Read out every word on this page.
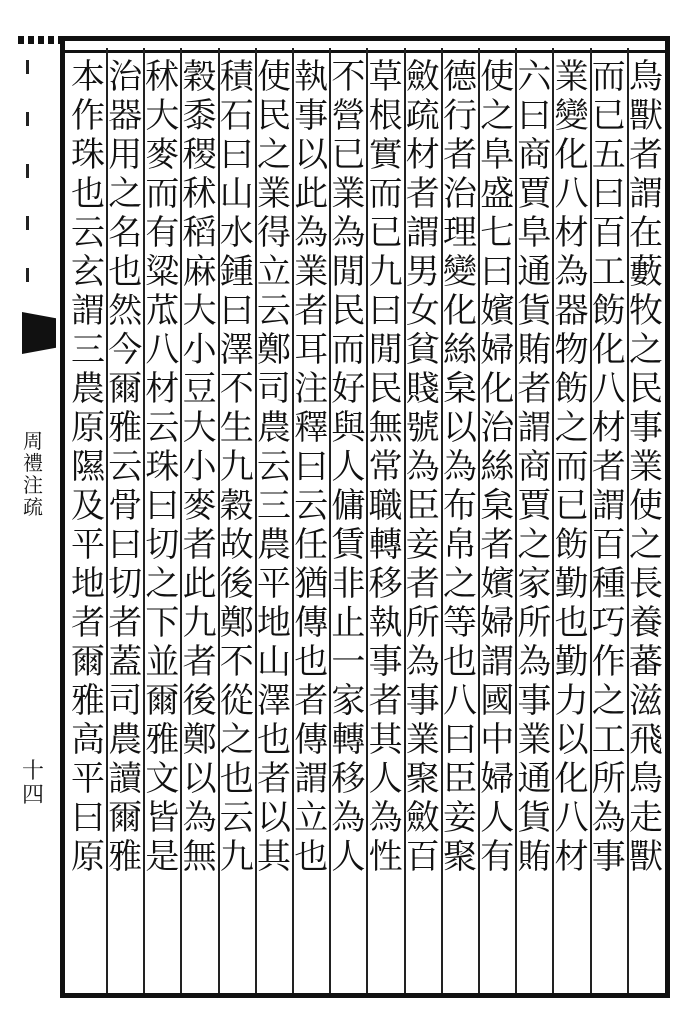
周
禮
注
疏
十
四
鳥
獸
者
謂
在
藪
牧
之
民
事
業
使
之
長
養
蕃
滋
飛
鳥
走
獸
而
已
五
曰
百
工
飭
化
八
材
者
謂
百
種
巧
作
之
工
所
為
事
業
變
化
八
材
為
器
物
飭
之
而
已
飭
勤
也
勤
力
以
化
八
材
六
曰
商
賈
阜
通
貨
賄
者
謂
商
賈
之
家
所
為
事
業
通
貨
賄
使
之
阜
盛
七
曰
嬪
婦
化
治
絲
枲
者
嬪
婦
謂
國
中
婦
人
有
德
行
者
治
理
變
化
絲
枲
以
為
布
帛
之
等
也
八
曰
臣
妾
聚
斂
疏
材
者
謂
男
女
貧
賤
號
為
臣
妾
者
所
為
事
業
聚
斂
百
草
根
實
而
已
九
曰
閒
民
無
常
職
轉
移
執
事
者
其
人
為
性
不
營
已
業
為
閒
民
而
好
與
人
傭
賃
非
止
一
家
轉
移
為
人
執
事
以
此
為
業
者
耳
注
釋
曰
云
任
猶
傳
也
者
傳
謂
立
也
使
民
之
業
得
立
云
鄭
司
農
云
三
農
平
地
山
澤
也
者
以
其
積
石
曰
山
水
鍾
曰
澤
不
生
九
穀
故
後
鄭
不
從
之
也
云
九
穀
黍
稷
秫
稻
麻
大
小
豆
大
小
麥
者
此
九
者
後
鄭
以
為
無
秫
大
麥
而
有
粱
苽
八
材
云
珠
曰
切
之
下
並
爾
雅
文
皆
是
治
器
用
之
名
也
然
今
爾
雅
云
骨
曰
切
者
蓋
司
農
讀
爾
雅
本
作
珠
也
云
玄
謂
三
農
原
隰
及
平
地
者
爾
雅
高
平
曰
原
